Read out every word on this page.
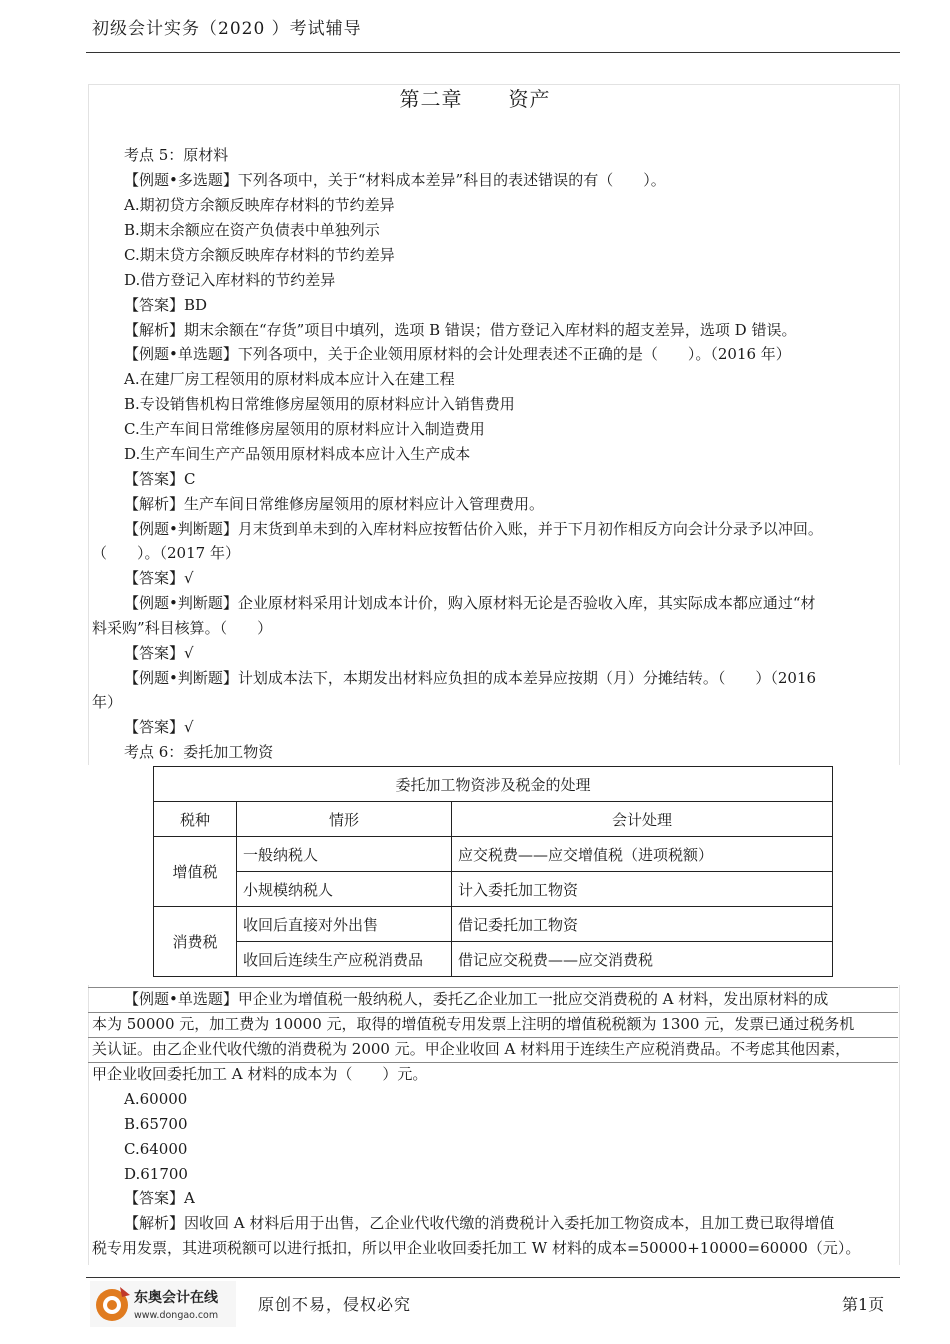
初级会计实务（2020 ）考试辅导
第二章 资产
考点 5：原材料
【例题•多选题】下列各项中，关于“材料成本差异”科目的表述错误的有（　　）。
A.期初贷方余额反映库存材料的节约差异
B.期末余额应在资产负债表中单独列示
C.期末贷方余额反映库存材料的节约差异
D.借方登记入库材料的节约差异
【答案】BD
【解析】期末余额在“存货”项目中填列，选项 B 错误；借方登记入库材料的超支差异，选项 D 错误。
【例题•单选题】下列各项中，关于企业领用原材料的会计处理表述不正确的是（　　）。（2016 年）
A.在建厂房工程领用的原材料成本应计入在建工程
B.专设销售机构日常维修房屋领用的原材料应计入销售费用
C.生产车间日常维修房屋领用的原材料应计入制造费用
D.生产车间生产产品领用原材料成本应计入生产成本
【答案】C
【解析】生产车间日常维修房屋领用的原材料应计入管理费用。
【例题•判断题】月末货到单未到的入库材料应按暂估价入账，并于下月初作相反方向会计分录予以冲回。
（　　）。（2017 年）
【答案】√
【例题•判断题】企业原材料采用计划成本计价，购入原材料无论是否验收入库，其实际成本都应通过“材
料采购”科目核算。（　　）
【答案】√
【例题•判断题】计划成本法下，本期发出材料应负担的成本差异应按期（月）分摊结转。（　　）（2016
年）
【答案】√
考点 6：委托加工物资
委托加工物资涉及税金的处理		
税种	情形	会计处理
增值税	一般纳税人	应交税费——应交增值税（进项税额）
	小规模纳税人	计入委托加工物资
消费税	收回后直接对外出售	借记委托加工物资
	收回后连续生产应税消费品	借记应交税费——应交消费税
【例题•单选题】甲企业为增值税一般纳税人，委托乙企业加工一批应交消费税的 A 材料，发出原材料的成
本为 50000 元，加工费为 10000 元，取得的增值税专用发票上注明的增值税税额为 1300 元，发票已通过税务机
关认证。由乙企业代收代缴的消费税为 2000 元。甲企业收回 A 材料用于连续生产应税消费品。不考虑其他因素，
甲企业收回委托加工 A 材料的成本为（　　）元。
A.60000
B.65700
C.64000
D.61700
【答案】A
【解析】因收回 A 材料后用于出售，乙企业代收代缴的消费税计入委托加工物资成本，且加工费已取得增值
税专用发票，其进项税额可以进行抵扣，所以甲企业收回委托加工 W 材料的成本=50000+10000=60000（元）。
东奥会计在线
www.dongao.com
原创不易，侵权必究	第1页
